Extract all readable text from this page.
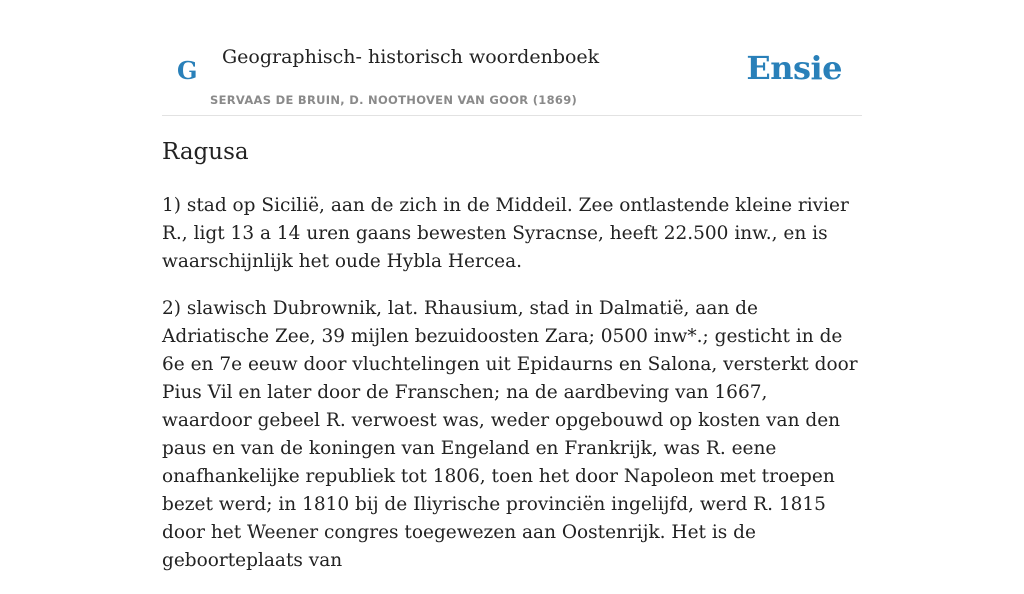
G Geographisch- historisch woordenboek
SERVAAS DE BRUIN, D. NOOTHOVEN VAN GOOR (1869)
Ensie
Ragusa

1) stad op Sicilië, aan de zich in de Middeil. Zee ontlastende kleine rivier R., ligt 13 a 14 uren gaans bewesten Syracnse, heeft 22.500 inw., en is waarschijnlijk het oude Hybla Hercea.

2) slawisch Dubrownik, lat. Rhausium, stad in Dalmatië, aan de Adriatische Zee, 39 mijlen bezuidoosten Zara; 0500 inw*.; gesticht in de 6e en 7e eeuw door vluchtelingen uit Epidaurns en Salona, versterkt door Pius Vil en later door de Franschen; na de aardbeving van 1667, waardoor gebeel R. verwoest was, weder opgebouwd op kosten van den paus en van de koningen van Engeland en Frankrijk, was R. eene onafhankelijke republiek tot 1806, toen het door Napoleon met troepen bezet werd; in 1810 bij de Iliyrische provinciën ingelijfd, werd R. 1815 door het Weener congres toegewezen aan Oostenrijk. Het is de geboorteplaats van
